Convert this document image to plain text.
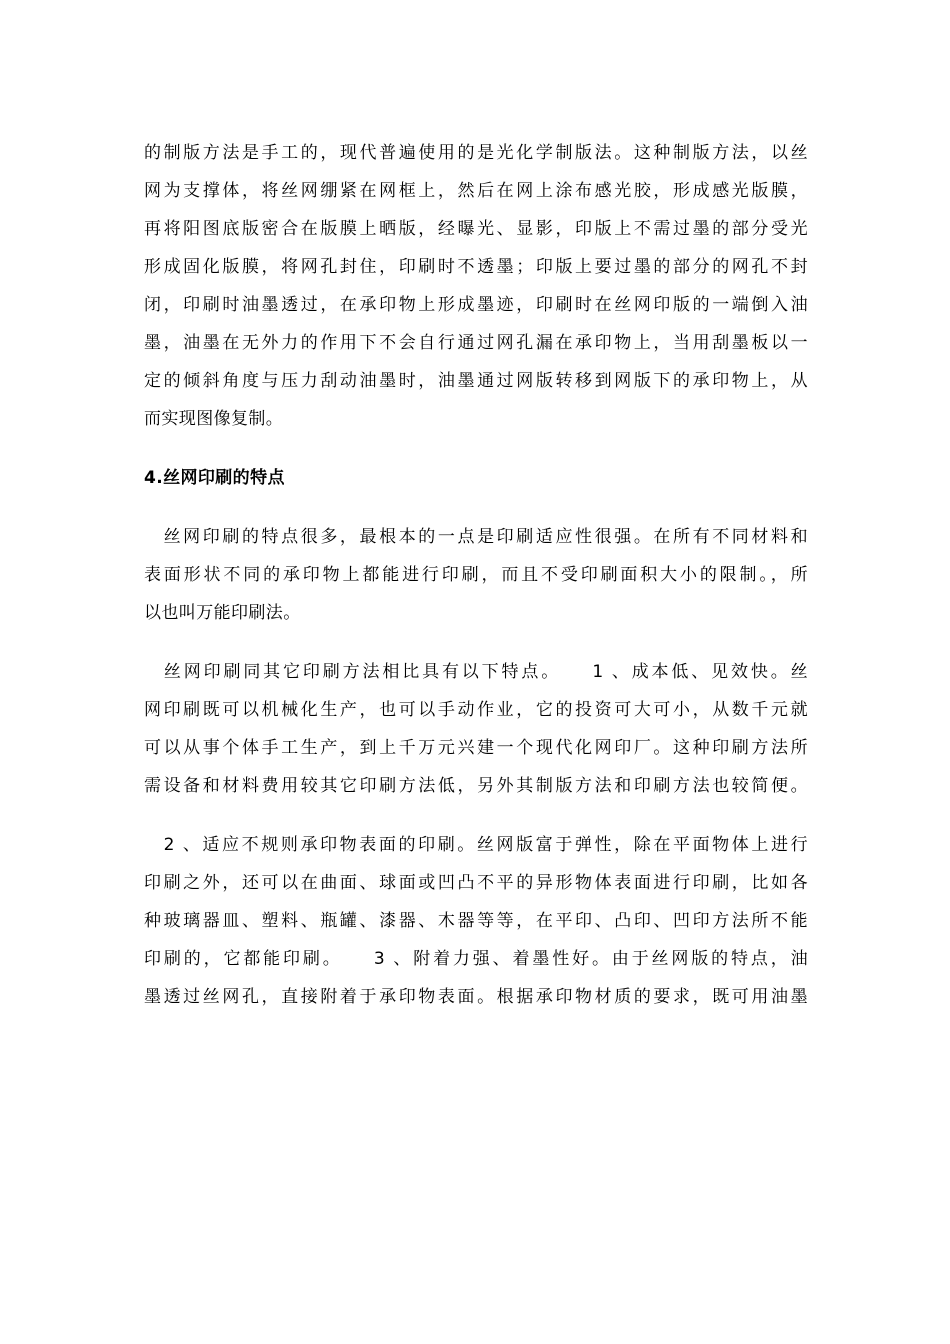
的制版方法是手工的，现代普遍使用的是光化学制版法。这种制版方法，以丝
网为支撑体，将丝网绷紧在网框上，然后在网上涂布感光胶，形成感光版膜，
再将阳图底版密合在版膜上晒版，经曝光、显影，印版上不需过墨的部分受光
形成固化版膜，将网孔封住，印刷时不透墨；印版上要过墨的部分的网孔不封
闭，印刷时油墨透过，在承印物上形成墨迹，印刷时在丝网印版的一端倒入油
墨，油墨在无外力的作用下不会自行通过网孔漏在承印物上，当用刮墨板以一
定的倾斜角度与压力刮动油墨时，油墨通过网版转移到网版下的承印物上，从
而实现图像复制。
4.丝网印刷的特点
　丝网印刷的特点很多，最根本的一点是印刷适应性很强。在所有不同材料和
表面形状不同的承印物上都能进行印刷，而且不受印刷面积大小的限制。，所
以也叫万能印刷法。
　丝网印刷同其它印刷方法相比具有以下特点。　　1 、成本低、见效快。丝
网印刷既可以机械化生产，也可以手动作业，它的投资可大可小，从数千元就
可以从事个体手工生产，到上千万元兴建一个现代化网印厂。这种印刷方法所
需设备和材料费用较其它印刷方法低，另外其制版方法和印刷方法也较简便。
　2 、适应不规则承印物表面的印刷。丝网版富于弹性，除在平面物体上进行
印刷之外，还可以在曲面、球面或凹凸不平的异形物体表面进行印刷，比如各
种玻璃器皿、塑料、瓶罐、漆器、木器等等，在平印、凸印、凹印方法所不能
印刷的，它都能印刷。　　3 、附着力强、着墨性好。由于丝网版的特点，油
墨透过丝网孔，直接附着于承印物表面。根据承印物材质的要求，既可用油墨
